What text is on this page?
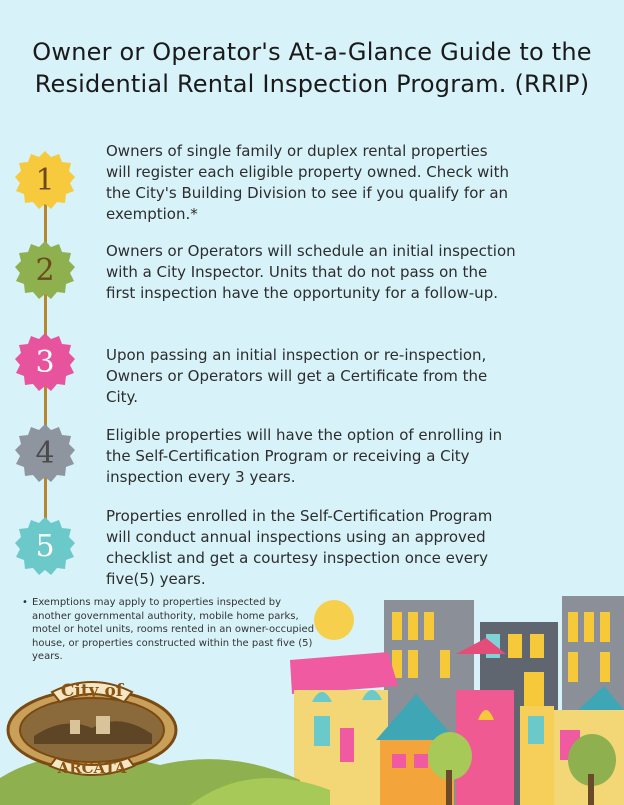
Owner or Operator's At-a-Glance Guide to the
Residential Rental Inspection Program. (RRIP)
1
Owners of single family or duplex rental properties will register each eligible property owned. Check with the City's Building Division to see if you qualify for an exemption.*
2
Owners or Operators will schedule an initial inspection with a City Inspector. Units that do not pass on the first inspection have the opportunity for a follow-up.
3	Upon passing an initial inspection or re-inspection, Owners or Operators will get a Certificate from the City.
4
Eligible properties will have the option of enrolling in the Self-Certification Program or receiving a City inspection every 3 years.
5
Properties enrolled in the Self-Certification Program will conduct annual inspections using an approved checklist and get a courtesy inspection once every five(5) years.
• Exemptions may apply to properties inspected by another governmental authority, mobile home parks, motel or hotel units, rooms rented in an owner-occupied house, or properties constructed within the past five (5) years.
City of
ARCATA
